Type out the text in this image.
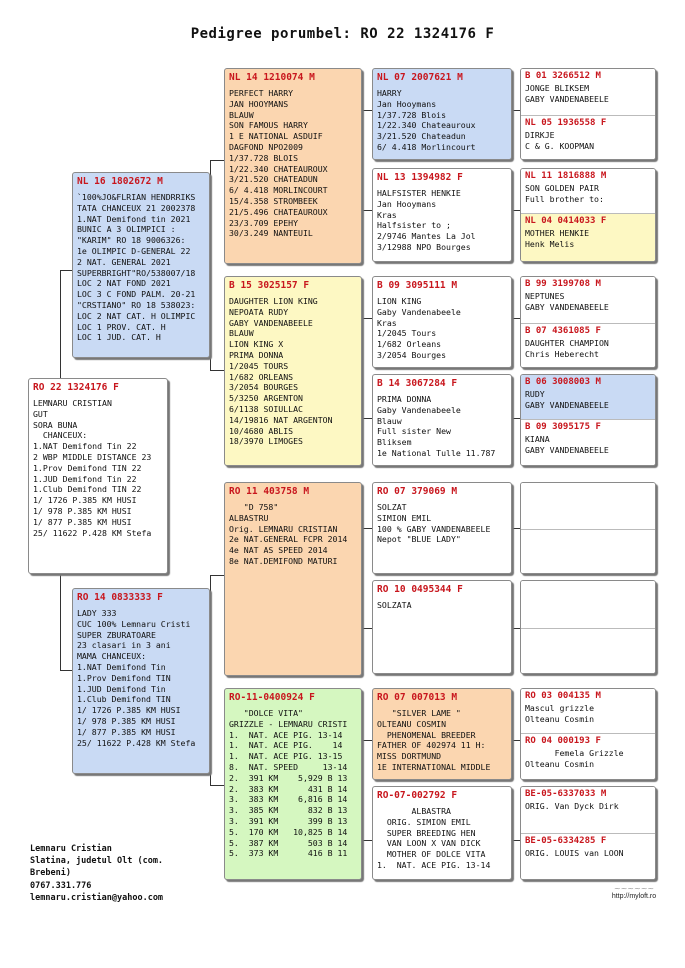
Pedigree porumbel: RO 22 1324176 F
RO 22 1324176 F
LEMNARU CRISTIAN
GUT
SORA BUNA
CHANCEUX:
1.NAT Demifond Tin 22
2 WBP MIDDLE DISTANCE 23
1.Prov Demifond TIN 22
1.JUD Demifond Tin 22
1.Club Demifond TIN 22
1/ 1726 P.385 KM HUSI
1/ 978 P.385 KM HUSI
1/ 877 P.385 KM HUSI
25/ 11622 P.428 KM Stefa
NL 16 1802672 M
`100%JO&FLRIAN HENDRRIKS
TATA CHANCEUX 21 2002378
1.NAT Demifond tin 2021
BUNIC A 3 OLIMPICI :
"KARIM" RO 18 9006326:
1e OLIMPIC D-GENERAL 22
2 NAT. GENERAL 2021
SUPERBRIGHT"RO/538007/18
LOC 2 NAT FOND 2021
LOC 3 C FOND PALM. 20-21
"CRSTIANO" RO 18 538023:
LOC 2 NAT CAT. H OLIMPIC
LOC 1 PROV. CAT. H
LOC 1 JUD. CAT. H
RO 14 0833333 F
LADY 333
CUC 100% Lemnaru Cristi
SUPER ZBURATOARE
23 clasari in 3 ani
MAMA CHANCEUX:
1.NAT Demifond Tin
1.Prov Demifond TIN
1.JUD Demifond Tin
1.Club Demifond TIN
1/ 1726 P.385 KM HUSI
1/ 978 P.385 KM HUSI
1/ 877 P.385 KM HUSI
25/ 11622 P.428 KM Stefa
NL 14 1210074 M
PERFECT HARRY
JAN HOOYMANS
BLAUW
SON FAMOUS HARRY
1 E NATIONAL ASDUIF
DAGFOND NPO2009
1/37.728 BLOIS
1/22.340 CHATEAUROUX
3/21.520 CHATEADUN
6/ 4.418 MORLINCOURT
15/4.358 STROMBEEK
21/5.496 CHATEAUROUX
23/3.709 EPEHY
30/3.249 NANTEUIL
B 15 3025157 F
DAUGHTER LION KING
NEPOATA RUDY
GABY VANDENABEELE
BLAUW
LION KING X
PRIMA DONNA
1/2045 TOURS
1/682 ORLEANS
3/2054 BOURGES
5/3250 ARGENTON
6/1138 SOIULLAC
14/19816 NAT ARGENTON
10/4680 ABLIS
18/3970 LIMOGES
RO 11 403758 M
"D 758"
ALBASTRU
Orig. LEMNARU CRISTIAN
2e NAT.GENERAL FCPR 2014
4e NAT AS SPEED 2014
8e NAT.DEMIFOND MATURI
RO-11-0400924 F
"DOLCE VITA"
GRIZZLE - LEMNARU CRISTI
1.  NAT. ACE PIG. 13-14
1.  NAT. ACE PIG.    14
1.  NAT. ACE PIG. 13-15
8.  NAT. SPEED     13-14
2.  391 KM    5,929 B 13
2.  383 KM      431 B 14
3.  383 KM    6,816 B 14
3.  385 KM      832 B 13
3.  391 KM      399 B 13
5.  170 KM   10,825 B 14
5.  387 KM      503 B 14
5.  373 KM      416 B 11
NL 07 2007621 M
HARRY
Jan Hooymans
1/37.728 Blois
1/22.340 Chateauroux
3/21.520 Chateadun
6/ 4.418 Morlincourt
NL 13 1394982 F
HALFSISTER HENKIE
Jan Hooymans
Kras
Halfsister to ;
2/9746 Mantes La Jol
3/12988 NPO Bourges
B 09 3095111 M
LION KING
Gaby Vandenabeele
Kras
1/2045 Tours
1/682 Orleans
3/2054 Bourges
B 14 3067284 F
PRIMA DONNA
Gaby Vandenabeele
Blauw
Full sister New
Bliksem
1e National Tulle 11.787
RO 07 379069 M
SOLZAT
SIMION EMIL
100 % GABY VANDENABEELE
Nepot "BLUE LADY"
RO 10 0495344 F
SOLZATA
RO 07 007013 M
"SILVER LAME "
OLTEANU COSMIN
PHENOMENAL BREEDER
FATHER OF 402974 11 H:
MISS DORTMUND
1E INTERNATIONAL MIDDLE
RO-07-002792 F
ALBASTRA
ORIG. SIMION EMIL
SUPER BREEDING HEN
VAN LOON X VAN DICK
MOTHER OF DOLCE VITA
1.  NAT. ACE PIG. 13-14
B 01 3266512 M
JONGE BLIKSEM
GABY VANDENABEELE
NL 05 1936558 F
DIRKJE
C & G. KOOPMAN
NL 11 1816888 M
SON GOLDEN PAIR
Full brother to:
NL 04 0414033 F
MOTHER HENKIE
Henk Melis
B 99 3199708 M
NEPTUNES
GABY VANDENABEELE
B 07 4361085 F
DAUGHTER CHAMPION
Chris Heberecht
B 06 3008003 M
RUDY
GABY VANDENABEELE
B 09 3095175 F
KIANA
GABY VANDENABEELE
RO 03 004135 M
Mascul grizzle
Olteanu Cosmin
RO 04 000193 F
Femela Grizzle
Olteanu Cosmin
BE-05-6337033 M
ORIG. Van Dyck Dirk
BE-05-6334285 F
ORIG. LOUIS van LOON
Lemnaru Cristian
Slatina, judetul Olt (com.
Brebeni)
0767.331.776
lemnaru.cristian@yahoo.com
~~~~~~
http://myloft.ro
